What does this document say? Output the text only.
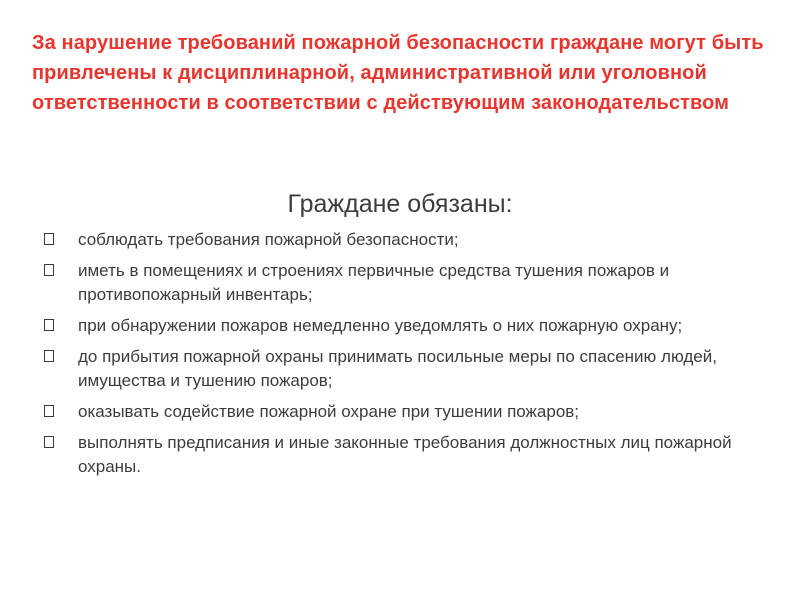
За нарушение требований пожарной безопасности граждане могут быть привлечены к дисциплинарной, административной или уголовной ответственности в соответствии с действующим законодательством
Граждане обязаны:
соблюдать требования пожарной безопасности;
иметь в помещениях и строениях первичные средства тушения пожаров и противопожарный инвентарь;
при обнаружении пожаров немедленно уведомлять о них пожарную охрану;
до прибытия пожарной охраны принимать посильные меры по спасению людей, имущества и тушению пожаров;
оказывать содействие пожарной охране при тушении пожаров;
выполнять предписания и иные законные требования должностных лиц пожарной охраны.
